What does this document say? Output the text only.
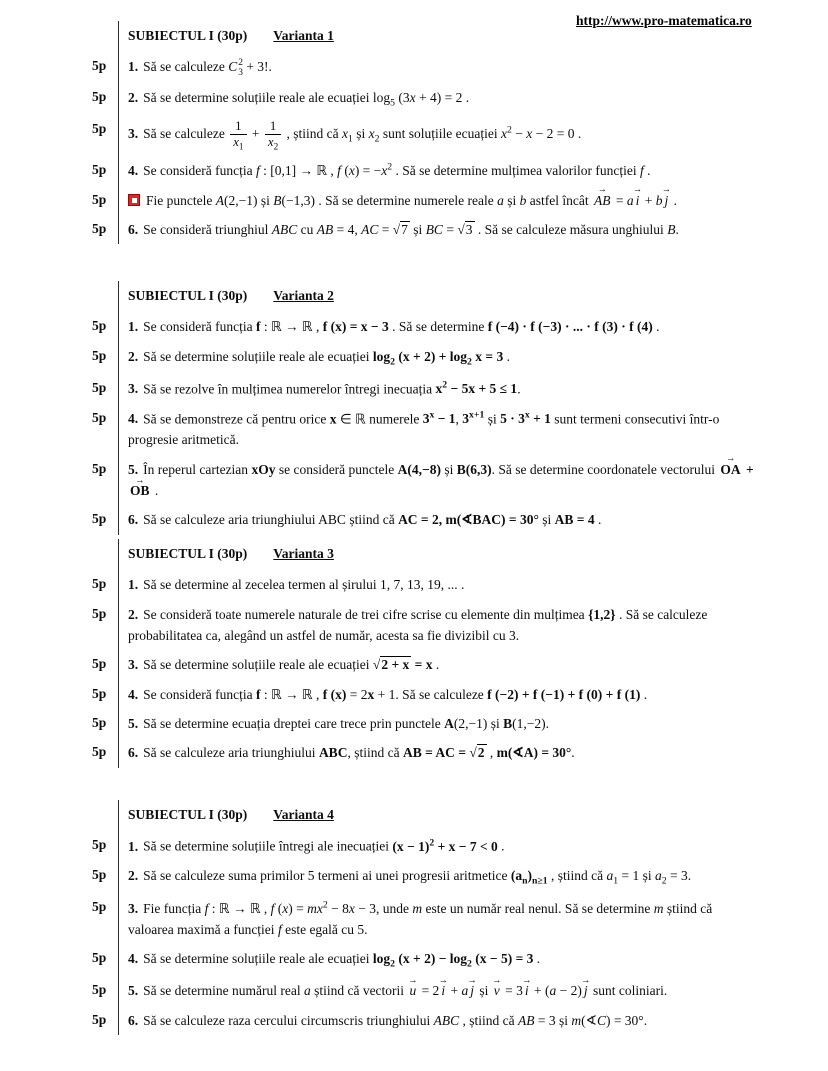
http://www.pro-matematica.ro
SUBIECTUL I (30p) Varianta 1
5p	1. Să se calculeze C 2
3 + 3!.
5p	2. Să se determine soluțiile reale ale ecuației $\log_5 (3x + 4) = 2$ .
5p	3. Să se calculeze $\frac{1}{x_1} + \frac{1}{x_2}$ , știind că $x_1$ și $x_2$ sunt soluțiile ecuației $x^2 - x - 2 = 0$ .
5p	4. Se consideră funcția f : [0,1] → ℝ , f $(x) = -x^2$ . Să se determine mulțimea valorilor funcției f .
5p	Fie punctele A(2,−1) și B(−1,3) . Să se determine numerele reale a și b astfel încât AB → = a i → + b j → .
5p	6. Se consideră triunghiul ABC cu AB = 4, AC = √7 și BC = √3 . Să se calculeze măsura unghiului B.
SUBIECTUL I (30p) Varianta 2
5p	1. Se consideră funcția f : ℝ → ℝ , f (x) = x − 3 . Să se determine f (−4) · f (−3) · ... · f (3) · f (4) .
5p	2. Să se determine soluțiile reale ale ecuației $\log_2 (x + 2) + \log_2 x = 3$ .
5p	3. Să se rezolve în mulțimea numerelor întregi inecuația $x^2 - 5x + 5 \le 1$.
5p	4. Să se demonstreze că pentru orice x ∈ ℝ numerele $3^x - 1$, $3^{x+1}$ și $5 \cdot 3^x + 1$ sunt termeni consecutivi într-o progresie aritmetică.
5p	5. În reperul cartezian xOy se consideră punctele A(4,−8) și B(6,3). Să se determine coordonatele vectorului OA → + OB → .
5p	6. Să se calculeze aria triunghiului ABC știind că AC = 2, m(∢BAC) = 30° și AB = 4 .
SUBIECTUL I (30p) Varianta 3
5p	1. Să se determine al zecelea termen al șirului 1, 7, 13, 19, ... .
5p	2. Se consideră toate numerele naturale de trei cifre scrise cu elemente din mulțimea {1,2} . Să se calculeze probabilitatea ca, alegând un astfel de număr, acesta sa fie divizibil cu 3.
5p	3. Să se determine soluțiile reale ale ecuației √2 + x = x .
5p	4. Se consideră funcția f : ℝ → ℝ , f (x) = 2x + 1. Să se calculeze f (−2) + f (−1) + f (0) + f (1) .
5p	5. Să se determine ecuația dreptei care trece prin punctele A(2,−1) și B(1,−2).
5p	6. Să se calculeze aria triunghiului ABC, știind că AB = AC = √2 , m(∢A) = 30°.
SUBIECTUL I (30p) Varianta 4
5p	1. Să se determine soluțiile întregi ale inecuației $(x - 1)^2 + x - 7 < 0$ .
5p	2. Să se calculeze suma primilor 5 termeni ai unei progresii aritmetice $(a_n)_{n\ge 1}$ , știind că $a_1 = 1$ și $a_2 = 3$.
5p	3. Fie funcția f : ℝ → ℝ , f $(x) = mx^2 - 8x - 3$, unde m este un număr real nenul. Să se determine m știind că valoarea maximă a funcției f este egală cu 5.
5p	4. Să se determine soluțiile reale ale ecuației $\log_2 (x + 2) - \log_2 (x - 5) = 3$ .
5p	5. Să se determine numărul real a știind că vectorii u → = 2 i → + a j → și v → = 3 i → + (a − 2) j → sunt coliniari.
5p	6. Să se calculeze raza cercului circumscris triunghiului ABC , știind că AB = 3 și m(∢C) = 30°.
